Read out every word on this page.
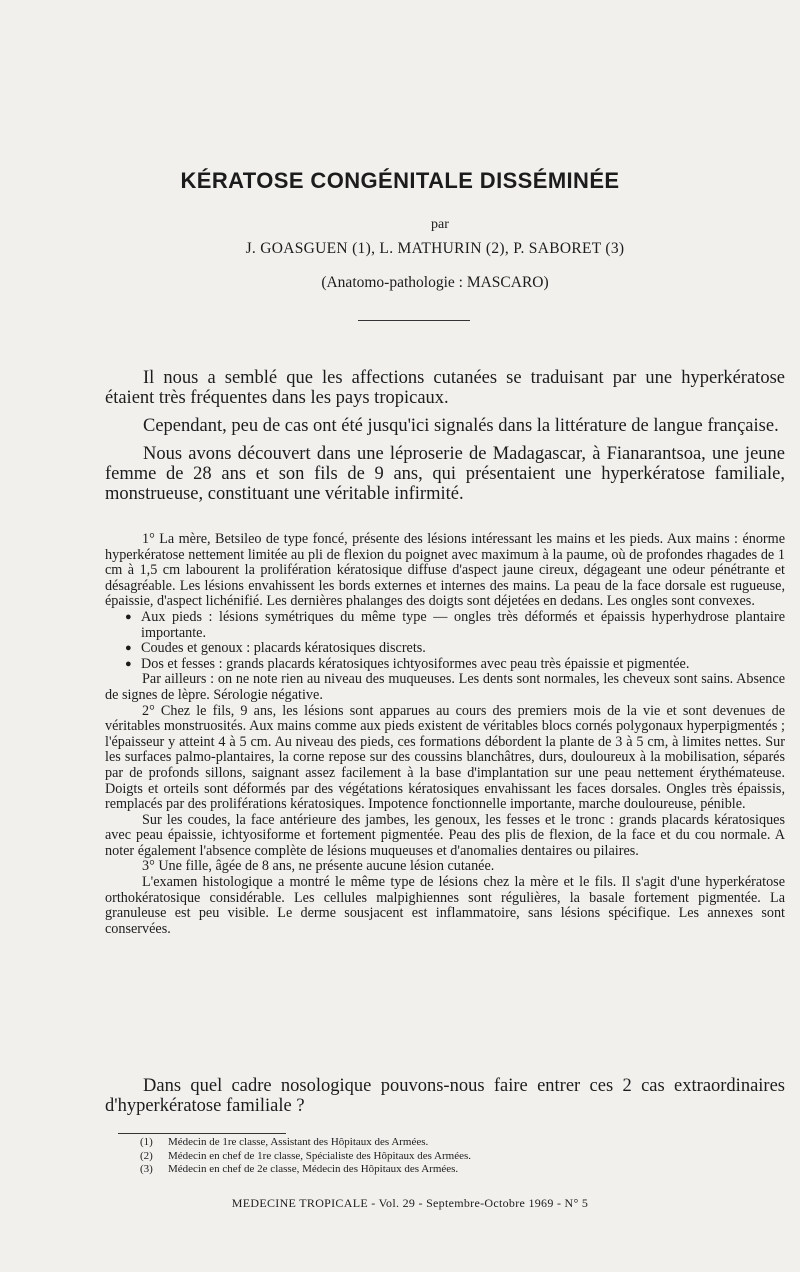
KÉRATOSE CONGÉNITALE DISSÉMINÉE
par
J. GOASGUEN (1), L. MATHURIN (2), P. SABORET (3)
(Anatomo-pathologie : MASCARO)

Il nous a semblé que les affections cutanées se traduisant par une hyperkératose étaient très fréquentes dans les pays tropicaux.

Cependant, peu de cas ont été jusqu'ici signalés dans la littérature de langue française.

Nous avons découvert dans une léproserie de Madagascar, à Fianarantsoa, une jeune femme de 28 ans et son fils de 9 ans, qui présentaient une hyperkératose familiale, monstrueuse, constituant une véritable infirmité.

1° La mère, Betsileo de type foncé, présente des lésions intéressant les mains et les pieds. Aux mains : énorme hyperkératose nettement limitée au pli de flexion du poignet avec maximum à la paume, où de profondes rhagades de 1 cm à 1,5 cm labourent la prolifération kératosique diffuse d'aspect jaune cireux, dégageant une odeur pénétrante et désagréable. Les lésions envahissent les bords externes et internes des mains. La peau de la face dorsale est rugueuse, épaissie, d'aspect lichénifié. Les dernières phalanges des doigts sont déjetées en dedans. Les ongles sont convexes.

● Aux pieds : lésions symétriques du même type — ongles très déformés et épaissis hyperhydrose plantaire importante.
● Coudes et genoux : placards kératosiques discrets.
● Dos et fesses : grands placards kératosiques ichtyosiformes avec peau très épaissie et pigmentée.

Par ailleurs : on ne note rien au niveau des muqueuses. Les dents sont normales, les cheveux sont sains. Absence de signes de lèpre. Sérologie négative.

2° Chez le fils, 9 ans, les lésions sont apparues au cours des premiers mois de la vie et sont devenues de véritables monstruosités. Aux mains comme aux pieds existent de véritables blocs cornés polygonaux hyperpigmentés ; l'épaisseur y atteint 4 à 5 cm. Au niveau des pieds, ces formations débordent la plante de 3 à 5 cm, à limites nettes. Sur les surfaces palmo-plantaires, la corne repose sur des coussins blanchâtres, durs, douloureux à la mobilisation, séparés par de profonds sillons, saignant assez facilement à la base d'implantation sur une peau nettement érythémateuse. Doigts et orteils sont déformés par des végétations kératosiques envahissant les faces dorsales. Ongles très épaissis, remplacés par des proliférations kératosiques. Impotence fonctionnelle importante, marche douloureuse, pénible.

Sur les coudes, la face antérieure des jambes, les genoux, les fesses et le tronc : grands placards kératosiques avec peau épaissie, ichtyosiforme et fortement pigmentée. Peau des plis de flexion, de la face et du cou normale. A noter également l'absence complète de lésions muqueuses et d'anomalies dentaires ou pilaires.

3° Une fille, âgée de 8 ans, ne présente aucune lésion cutanée.

L'examen histologique a montré le même type de lésions chez la mère et le fils. Il s'agit d'une hyperkératose orthokératosique considérable. Les cellules malpighiennes sont régulières, la basale fortement pigmentée. La granuleuse est peu visible. Le derme sousjacent est inflammatoire, sans lésions spécifique. Les annexes sont conservées.

Dans quel cadre nosologique pouvons-nous faire entrer ces 2 cas extraordinaires d'hyperkératose familiale ?

(1)	Médecin de 1re classe, Assistant des Hôpitaux des Armées.
(2)	Médecin en chef de 1re classe, Spécialiste des Hôpitaux des Armées.
(3)	Médecin en chef de 2e classe, Médecin des Hôpitaux des Armées.
MEDECINE TROPICALE - Vol. 29 - Septembre-Octobre 1969 - N° 5
